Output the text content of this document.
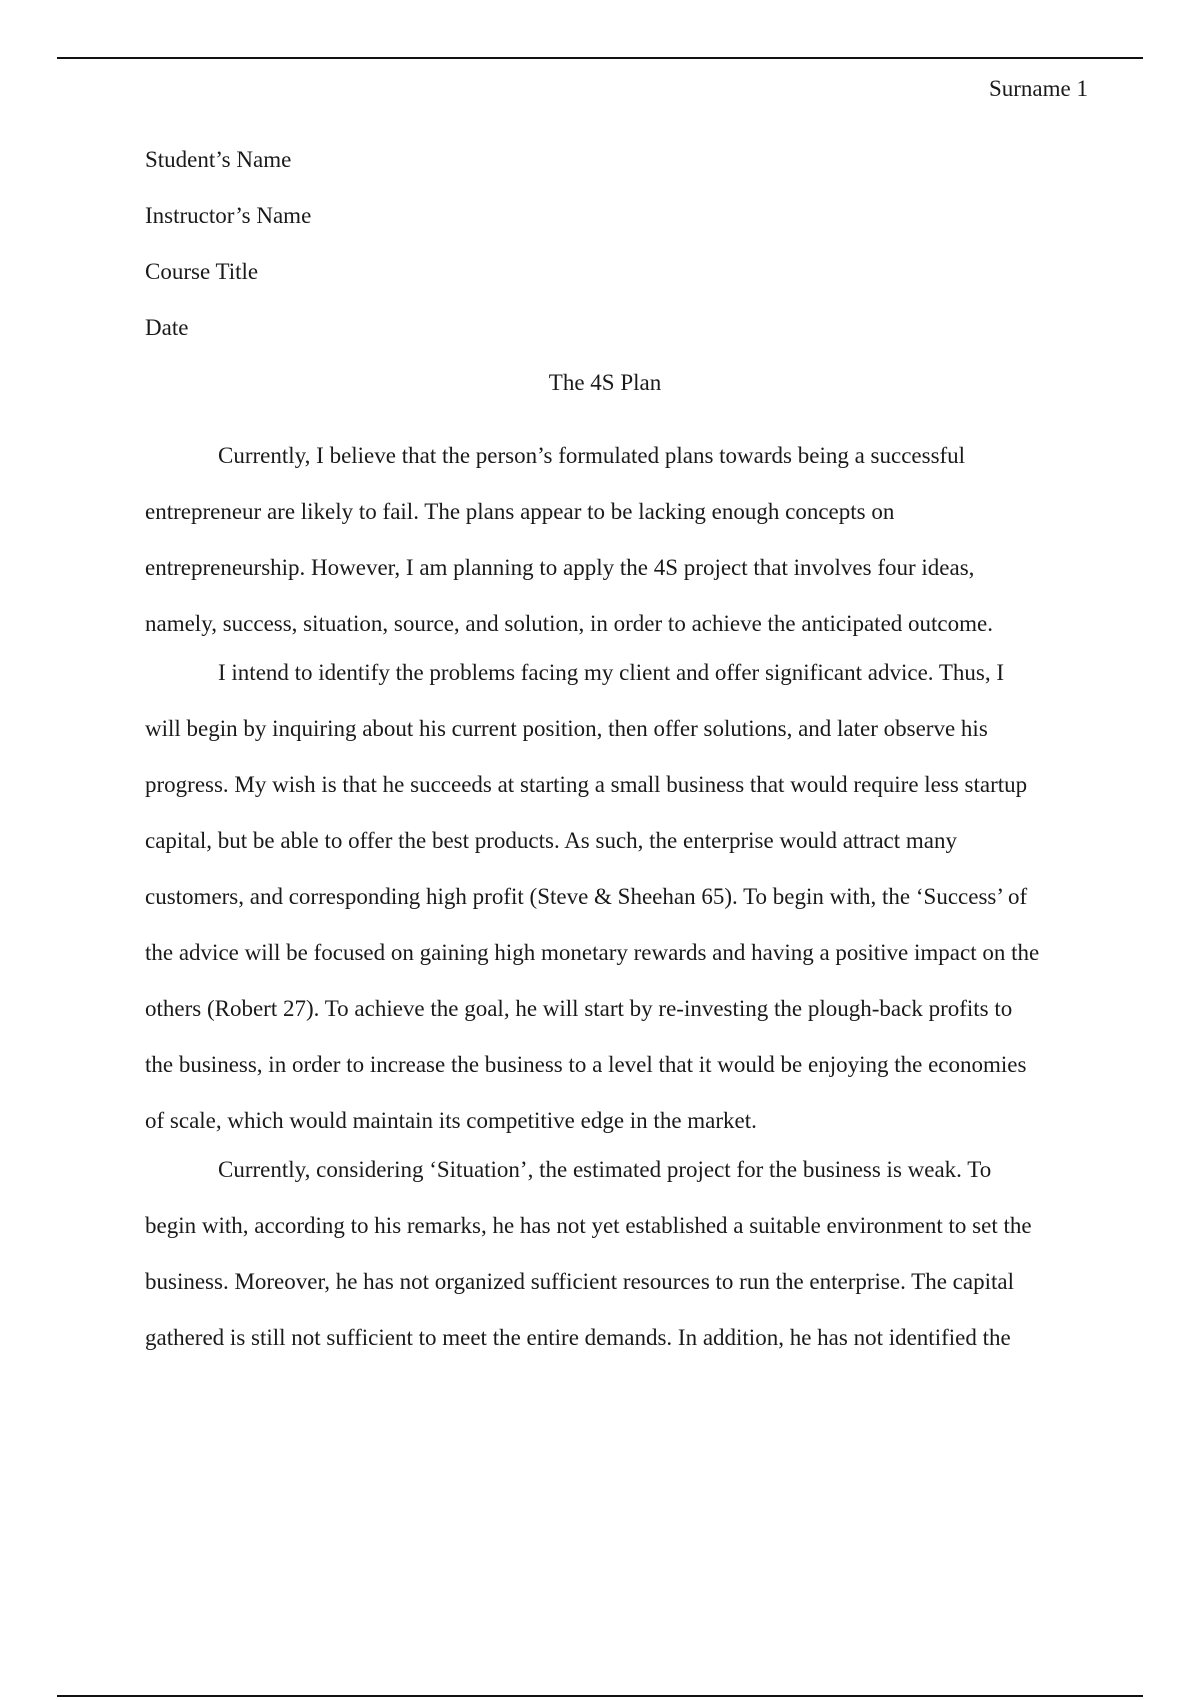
Surname 1
Student’s Name
Instructor’s Name
Course Title
Date
The 4S Plan
Currently, I believe that the person’s formulated plans towards being a successful
entrepreneur are likely to fail. The plans appear to be lacking enough concepts on
entrepreneurship. However, I am planning to apply the 4S project that involves four ideas,
namely, success, situation, source, and solution, in order to achieve the anticipated outcome.
I intend to identify the problems facing my client and offer significant advice. Thus, I
will begin by inquiring about his current position, then offer solutions, and later observe his
progress. My wish is that he succeeds at starting a small business that would require less startup
capital, but be able to offer the best products. As such, the enterprise would attract many
customers, and corresponding high profit (Steve & Sheehan 65). To begin with, the ‘Success’ of
the advice will be focused on gaining high monetary rewards and having a positive impact on the
others (Robert 27). To achieve the goal, he will start by re-investing the plough-back profits to
the business, in order to increase the business to a level that it would be enjoying the economies
of scale, which would maintain its competitive edge in the market.
Currently, considering ‘Situation’, the estimated project for the business is weak. To
begin with, according to his remarks, he has not yet established a suitable environment to set the
business. Moreover, he has not organized sufficient resources to run the enterprise. The capital
gathered is still not sufficient to meet the entire demands. In addition, he has not identified the
